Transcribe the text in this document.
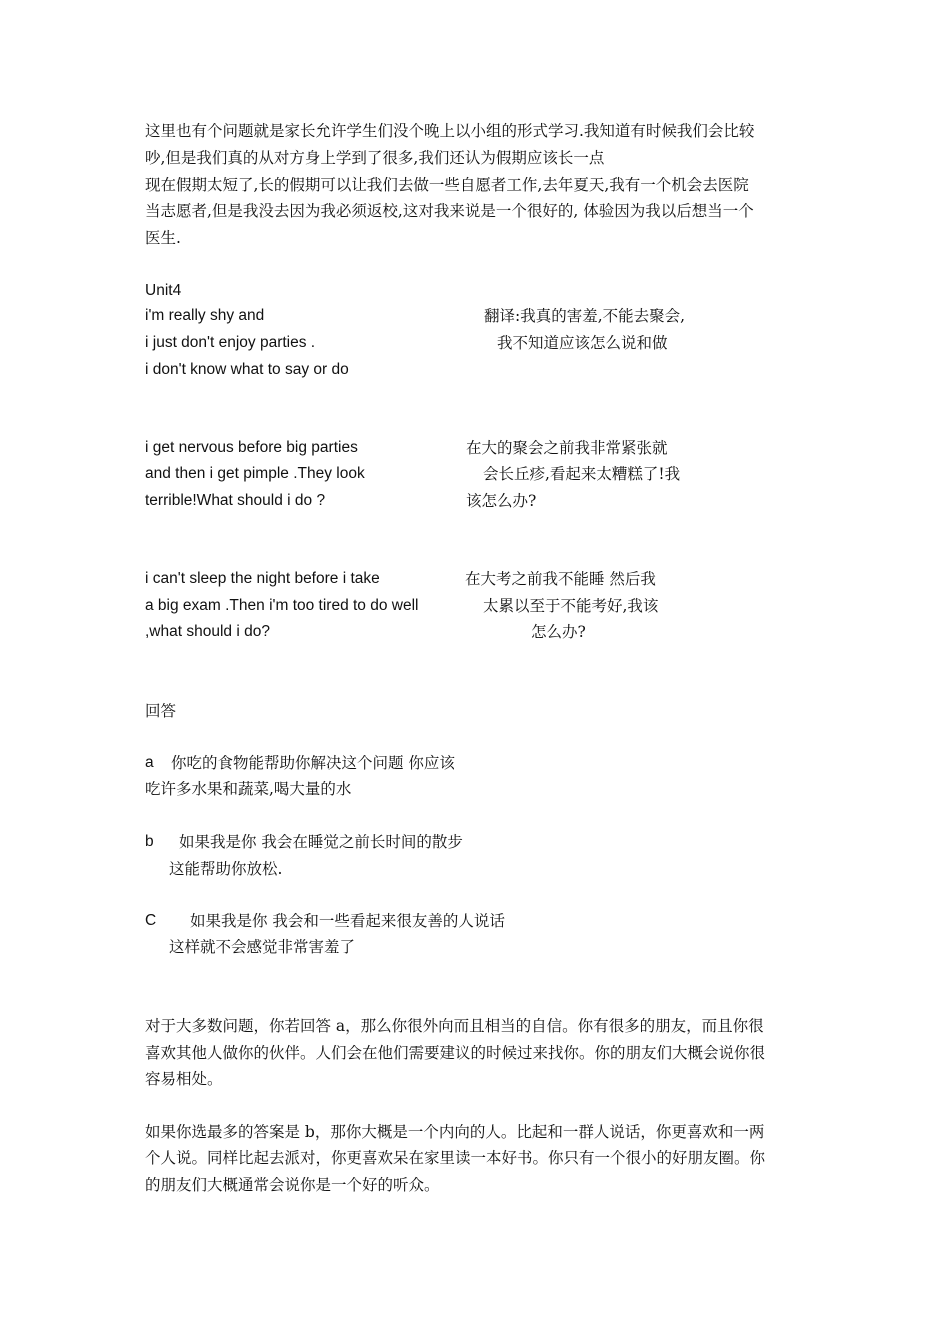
这里也有个问题就是家长允许学生们没个晚上以小组的形式学习.我知道有时候我们会比较
吵,但是我们真的从对方身上学到了很多,我们还认为假期应该长一点
现在假期太短了,长的假期可以让我们去做一些自愿者工作,去年夏天,我有一个机会去医院
当志愿者,但是我没去因为我必须返校,这对我来说是一个很好的, 体验因为我以后想当一个
医生.
Unit4
i'm really shy and
i just don't enjoy parties .
i don't know what to say or do
翻译:我真的害羞,不能去聚会,
我不知道应该怎么说和做
i get nervous before big parties
and then i get pimple .They look
terrible!What should i do ?
在大的聚会之前我非常紧张就
会长丘疹,看起来太糟糕了!我
该怎么办?
i can't sleep the night before i take
a big exam .Then i'm too tired to do well
,what should i do?
在大考之前我不能睡 然后我
太累以至于不能考好,我该
怎么办?
回答
a 你吃的食物能帮助你解决这个问题 你应该
吃许多水果和蔬菜,喝大量的水
b 如果我是你 我会在睡觉之前长时间的散步
这能帮助你放松.
C 如果我是你 我会和一些看起来很友善的人说话
这样就不会感觉非常害羞了
对于大多数问题，你若回答 a，那么你很外向而且相当的自信。你有很多的朋友，而且你很
喜欢其他人做你的伙伴。人们会在他们需要建议的时候过来找你。你的朋友们大概会说你很
容易相处。
如果你选最多的答案是 b，那你大概是一个内向的人。比起和一群人说话，你更喜欢和一两
个人说。同样比起去派对，你更喜欢呆在家里读一本好书。你只有一个很小的好朋友圈。你
的朋友们大概通常会说你是一个好的听众。
